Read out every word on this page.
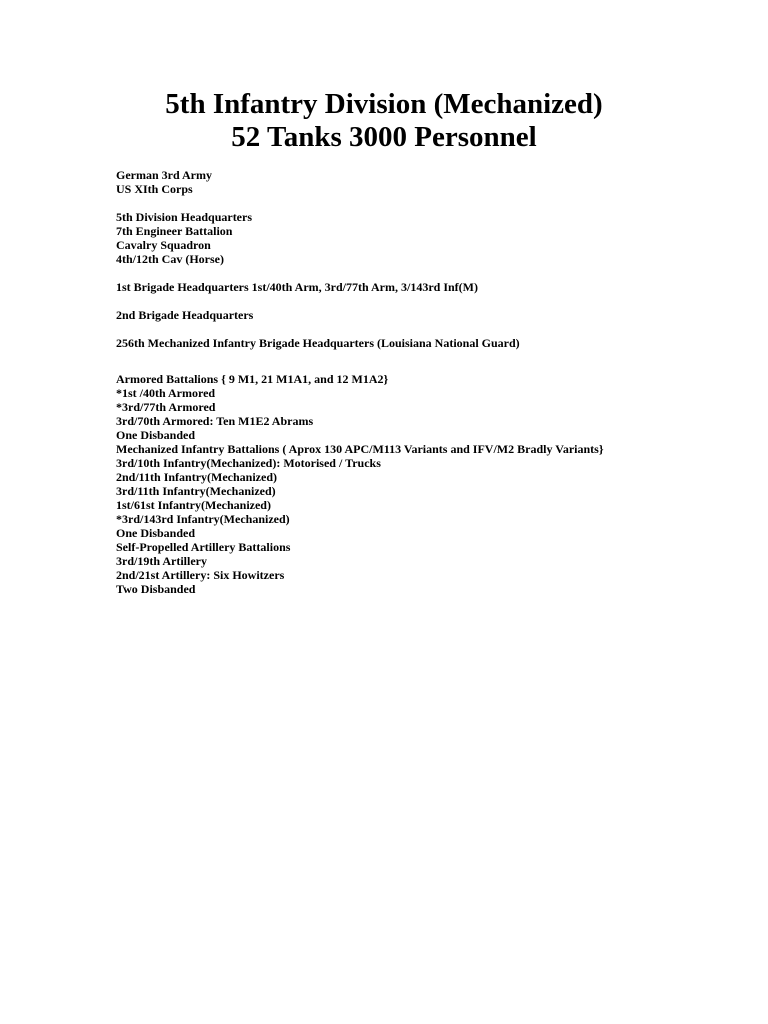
5th Infantry Division (Mechanized)
52 Tanks 3000 Personnel
German 3rd Army
US XIth Corps
5th Division Headquarters
7th Engineer Battalion
Cavalry Squadron
4th/12th Cav (Horse)
1st Brigade Headquarters 1st/40th Arm, 3rd/77th Arm, 3/143rd Inf(M)
2nd Brigade Headquarters
256th Mechanized Infantry Brigade Headquarters (Louisiana National Guard)
Armored Battalions { 9 M1, 21 M1A1, and 12 M1A2}
*1st /40th Armored
*3rd/77th Armored
3rd/70th Armored: Ten M1E2 Abrams
One Disbanded
Mechanized Infantry Battalions ( Aprox 130 APC/M113 Variants and IFV/M2 Bradly Variants}
3rd/10th Infantry(Mechanized): Motorised / Trucks
2nd/11th Infantry(Mechanized)
3rd/11th Infantry(Mechanized)
1st/61st Infantry(Mechanized)
*3rd/143rd Infantry(Mechanized)
One Disbanded
Self-Propelled Artillery Battalions
3rd/19th Artillery
2nd/21st Artillery: Six Howitzers
Two Disbanded
